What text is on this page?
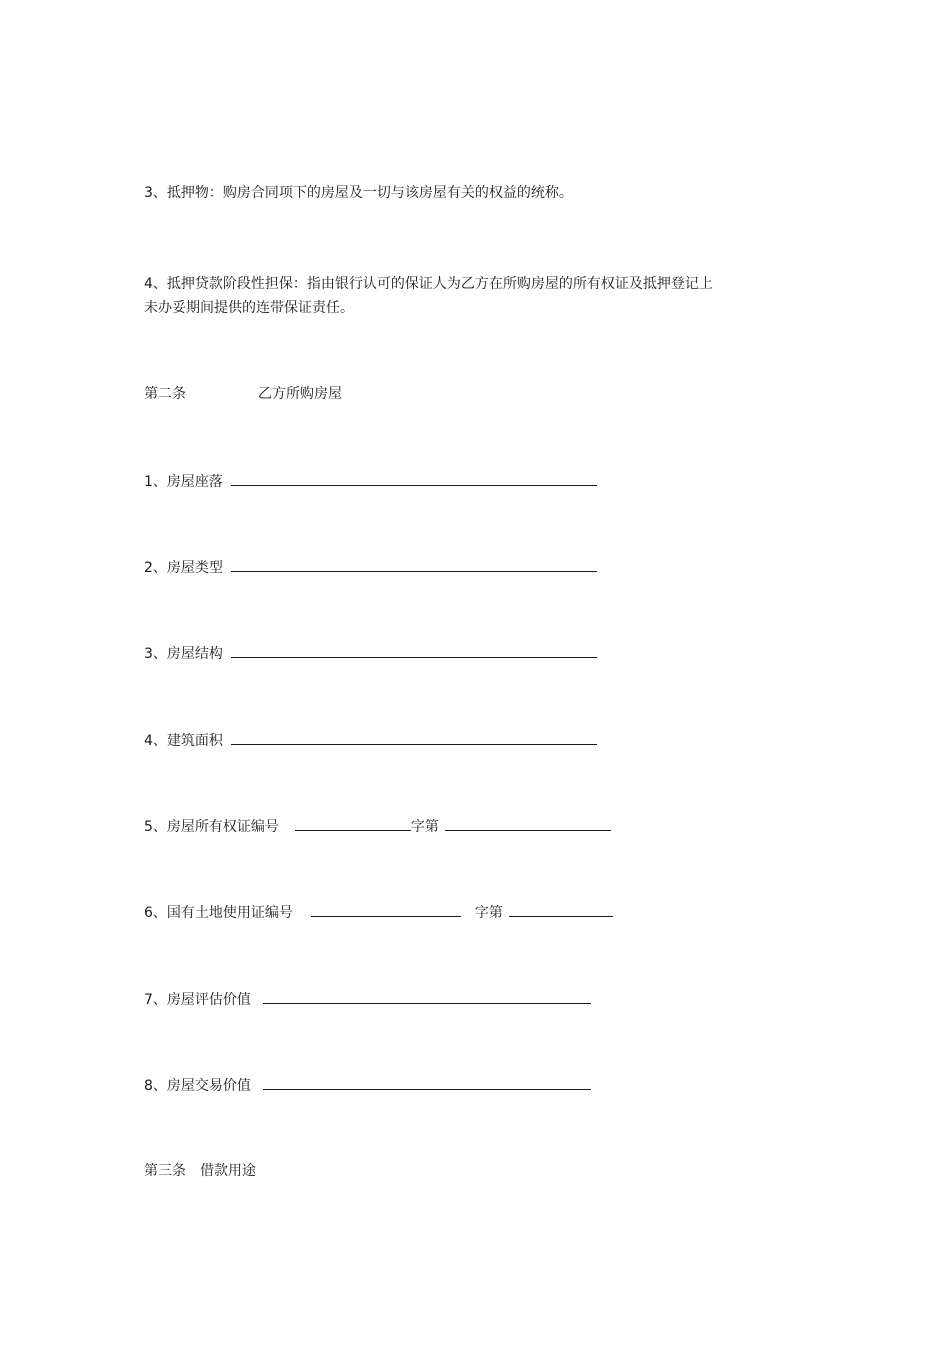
3、抵押物：购房合同项下的房屋及一切与该房屋有关的权益的统称。
4、抵押贷款阶段性担保：指由银行认可的保证人为乙方在所购房屋的所有权证及抵押登记上未办妥期间提供的连带保证责任。
第二条	乙方所购房屋
1、房屋座落
2、房屋类型
3、房屋结构
4、建筑面积
5、房屋所有权证编号	字第
6、国有土地使用证编号	字第
7、房屋评估价值
8、房屋交易价值
第三条 借款用途
